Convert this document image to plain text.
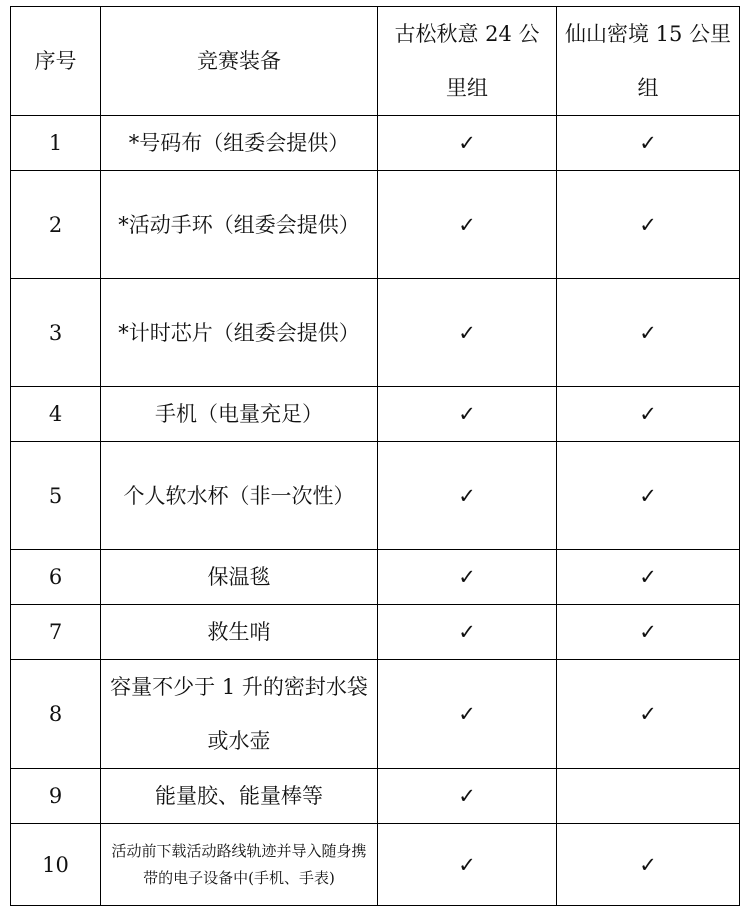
序号	竞赛装备	古松秋意 24 公里组	仙山密境 15 公里组
1	*号码布（组委会提供）	✓	✓
2	*活动手环（组委会提供）	✓	✓
3	*计时芯片（组委会提供）	✓	✓
4	手机（电量充足）	✓	✓
5	个人软水杯（非一次性）	✓	✓
6	保温毯	✓	✓
7	救生哨	✓	✓
8	容量不少于 1 升的密封水袋或水壶	✓	✓
9	能量胶、能量棒等	✓	
10	活动前下载活动路线轨迹并导入随身携带的电子设备中(手机、手表)	✓	✓
